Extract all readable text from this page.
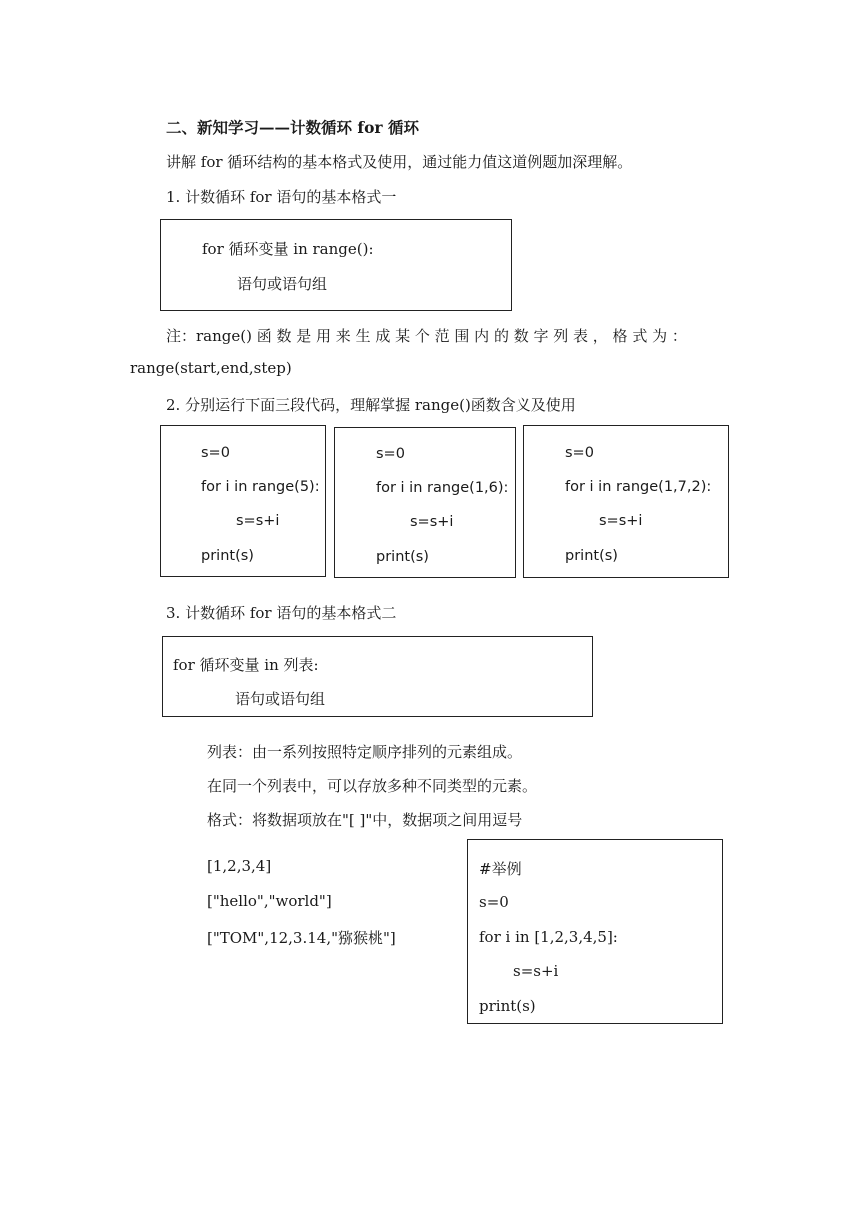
二、新知学习——计数循环 for 循环
讲解 for 循环结构的基本格式及使用，通过能力值这道例题加深理解。
1. 计数循环 for 语句的基本格式一
for 循环变量 in range():
语句或语句组
注：range() 函 数 是 用 来 生 成 某 个 范 围 内 的 数 字 列 表 ， 格 式 为 ：
range(start,end,step)
2. 分别运行下面三段代码，理解掌握 range()函数含义及使用
s=0
for i in range(5):
s=s+i
print(s)
s=0
for i in range(1,6):
s=s+i
print(s)
s=0
for i in range(1,7,2):
s=s+i
print(s)
3. 计数循环 for 语句的基本格式二
for 循环变量 in 列表:
语句或语句组
列表：由一系列按照特定顺序排列的元素组成。
在同一个列表中，可以存放多种不同类型的元素。
格式：将数据项放在"[ ]"中，数据项之间用逗号
[1,2,3,4]
["hello","world"]
["TOM",12,3.14,"猕猴桃"]
#举例
s=0
for i in [1,2,3,4,5]:
s=s+i
print(s)
